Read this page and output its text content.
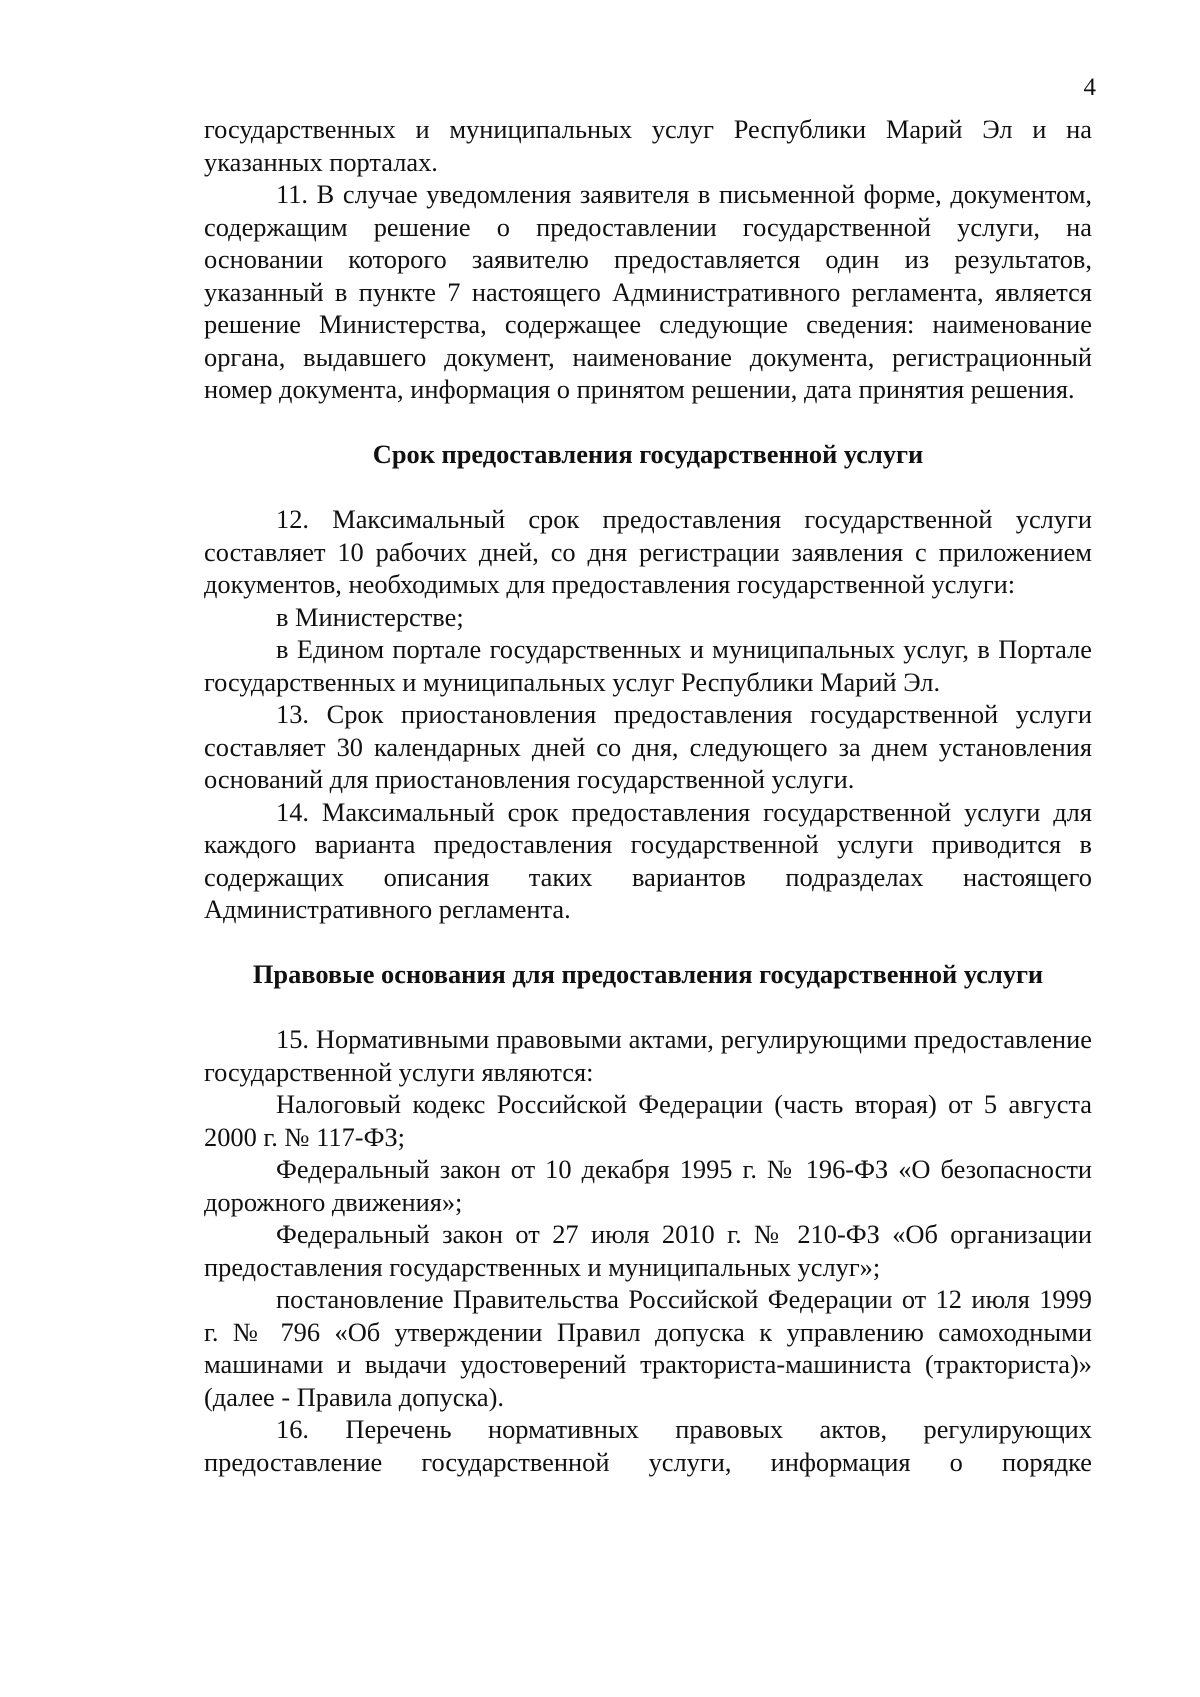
4

государственных и муниципальных услуг Республики Марий Эл и на указанных порталах.

11. В случае уведомления заявителя в письменной форме, документом, содержащим решение о предоставлении государственной услуги, на основании которого заявителю предоставляется один из результатов, указанный в пункте 7 настоящего Административного регламента, является решение Министерства, содержащее следующие сведения: наименование органа, выдавшего документ, наименование документа, регистрационный номер документа, информация о принятом решении, дата принятия решения.

Срок предоставления государственной услуги

12. Максимальный срок предоставления государственной услуги составляет 10 рабочих дней, со дня регистрации заявления с приложением документов, необходимых для предоставления государственной услуги:

в Министерстве;

в Едином портале государственных и муниципальных услуг, в Портале государственных и муниципальных услуг Республики Марий Эл.

13. Срок приостановления предоставления государственной услуги составляет 30 календарных дней со дня, следующего за днем установления оснований для приостановления государственной услуги.

14. Максимальный срок предоставления государственной услуги для каждого варианта предоставления государственной услуги приводится в содержащих описания таких вариантов подразделах настоящего Административного регламента.

Правовые основания для предоставления государственной услуги

15. Нормативными правовыми актами, регулирующими предоставление государственной услуги являются:

Налоговый кодекс Российской Федерации (часть вторая) от 5 августа 2000 г. № 117-ФЗ;

Федеральный закон от 10 декабря 1995 г. № 196-ФЗ «О безопасности дорожного движения»;

Федеральный закон от 27 июля 2010 г. № 210-ФЗ «Об организации предоставления государственных и муниципальных услуг»;

постановление Правительства Российской Федерации от 12 июля 1999 г. № 796 «Об утверждении Правил допуска к управлению самоходными машинами и выдачи удостоверений тракториста-машиниста (тракториста)» (далее - Правила допуска).

16. Перечень нормативных правовых актов, регулирующих предоставление государственной услуги, информация о порядке
